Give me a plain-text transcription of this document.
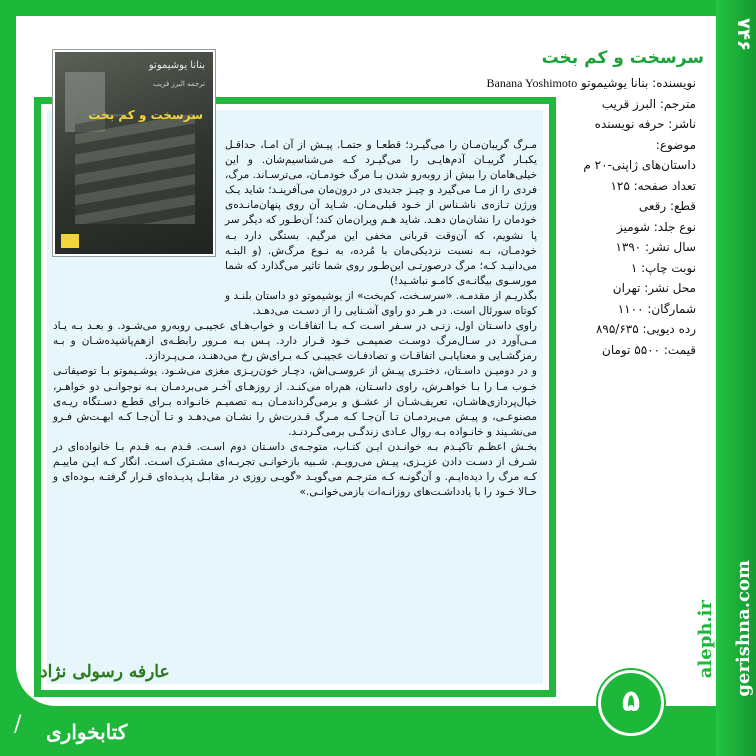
۷۴۶
سرسخت و کم بخت
نویسنده: بنانا یوشیموتو Banana Yoshimoto
مترجم: البرز قریب
ناشر: حرفه نویسنده
موضوع:
داستان‌های ژاپنی-۲۰ م
تعداد صفحه: ۱۲۵
قطع: رقعی
نوع جلد: شومیز
سال نشر: ۱۳۹۰
نوبت چاپ: ۱
محل نشر: تهران
شمارگان: ۱۱۰۰
رده دیویی: ۸۹۵/۶۳۵
قیمت: ۵۵۰۰ تومان
بنانا یوشیموتو
ترجمه البرز قریب
سرسخت و کم بخت

مـرگ گریبان‌مـان را می‌گیـرد؛ قطعـا و حتمـا. پیـش از آن امـا، حداقـل یکبـار گریبـان آدم‌هایـی را می‌گیـرد کـه می‌شناسیم‌شان. و این خیلی‌هامان را بیش از رو‌به‌رو شدن بـا مرگ خودمـان، می‌ترسـاند. مرگ، فردی را از مـا می‌گیرد و چیـز جدیدی در درون‌مان می‌آفرینـد؛ شاید یـک ورژن تـازه‌ی ناشـناس از خـود قبلی‌مـان. شـاید آن روی پنهان‌مانـده‌ی خودمان را نشان‌مان دهـد. شاید هـم ویران‌مان کند؛ آن‌طـور که دیگر سر پا نشویم، که آن‌وقت قربانی مخفی این مرگیم. بستگی دارد بـه خودمـان، بـه نسبت نزدیکی‌مان با مُرده، به نـوع مرگ‌ش. (و البتـه می‌دانیـد کـه؛ مرگ درصورتـی این‌طـور روی شما تاثیر می‌گذارد که شما مورسـوی بیگانـه‌ی کامـو نباشـید!)

بگذریـم از مقدمـه. «سرسـخت، کم‌بخت» از یوشیموتو دو داستان بلنـد و کوتاه سورئال است. در هـر دو راوی آشـنایی را از دسـت می‌دهـد.

راوی داسـتان اول، زنـی در سـفر اسـت کـه بـا اتفاقـات و خواب‌هـای عجیبـی رو‌به‌رو می‌شـود. و بعـد بـه یـاد مـی‌آورد در سـال‌مرگ دوسـت صمیمـی خـود قـرار دارد. پـس بـه مـرور رابطـه‌ی از‌هم‌پاشیده‌شـان و بـه رمزگشـایی و معنایابـی اتفاقـات و تصادفـات عجیبـی کـه بـرای‌ش رخ می‌دهنـد، مـی‌پـردازد.

و در دومیـن داسـتان، دختـری پیـش از عروسـی‌اش، دچـار خون‌ریـزی مغزی می‌شـود. یوشـیموتو بـا توصیفاتـی خـوب مـا را بـا خواهـرش، راوی داسـتان، هم‌راه می‌کنـد. از روزهـای آخـر می‌بردمـان بـه نوجوانـی دو خواهـر، خیال‌پردازی‌هاشـان، تعریف‌شـان از عشـق و برمی‌گرداندمـان بـه تصمیـم خانـواده بـرای قطـع دسـتگاه ریـه‌ی مصنوعـی، و پیـش می‌بردمـان تـا آن‌جـا کـه مـرگ قـدرت‌ش را نشـان می‌دهـد و تـا آن‌جـا کـه ابهـت‌ش فـرو می‌نشـیند و خانـواده بـه روال عـادی زندگـی برمی‌گـردنـد.

بخـش اعظـم تاکیـدم بـه خوانـدن ایـن کتـاب، متوجـه‌ی داسـتان دوم اسـت. قـدم بـه قـدم بـا خانواده‌ای در شـرف از دسـت دادن عزیـزی، پیـش می‌رویـم. شـبیه بازخوانـی تجربـه‌ای مشـترک اسـت. انگار کـه ایـن ماییـم کـه مرگ را دیده‌ایـم. و آن‌گونـه کـه مترجـم می‌گویـد «گویـی روزی در مقابـل پدیـده‌ای قـرار گرفتـه بـوده‌ای و حـالا خـود را با یادداشـت‌های روزانـه‌ات بازمی‌خوانـی.»

عارفه رسولی نژاد
۵
gerishna.com
aleph.ir
/ کتابخواری
